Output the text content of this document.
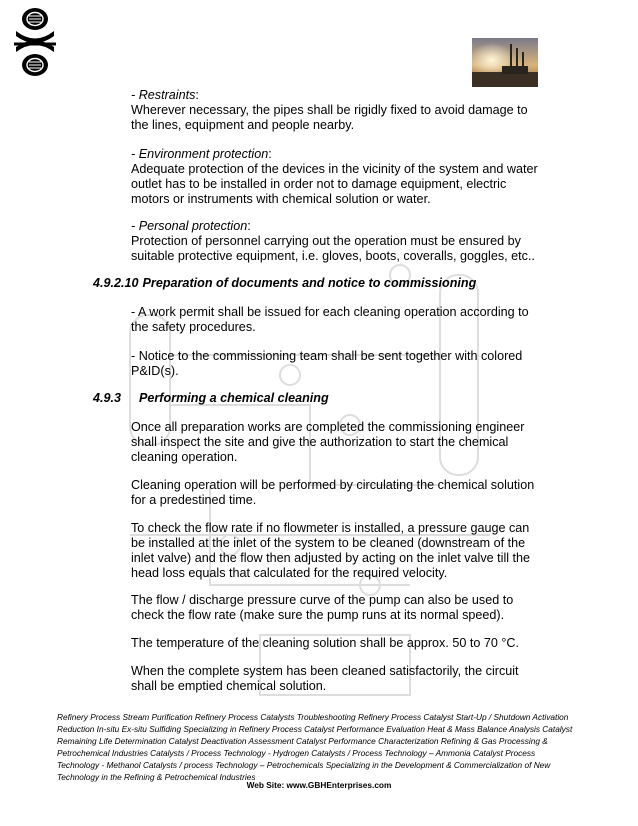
- Restraints:
Wherever necessary, the pipes shall be rigidly fixed to avoid damage to the lines, equipment and people nearby.
- Environment protection:
Adequate protection of the devices in the vicinity of the system and water outlet has to be installed in order not to damage equipment, electric motors or instruments with chemical solution or water.
- Personal protection:
Protection of personnel carrying out the operation must be ensured by suitable protective equipment, i.e. gloves, boots, coveralls, goggles, etc..
4.9.2.10 Preparation of documents and notice to commissioning
- A work permit shall be issued for each cleaning operation according to the safety procedures.
- Notice to the commissioning team shall be sent together with colored P&ID(s).
4.9.3 Performing a chemical cleaning
Once all preparation works are completed the commissioning engineer shall inspect the site and give the authorization to start the chemical cleaning operation.
Cleaning operation will be performed by circulating the chemical solution for a predestined time.
To check the flow rate if no flowmeter is installed, a pressure gauge can be installed at the inlet of the system to be cleaned (downstream of the inlet valve) and the flow then adjusted by acting on the inlet valve till the head loss equals that calculated for the required velocity.
The flow / discharge pressure curve of the pump can also be used to check the flow rate (make sure the pump runs at its normal speed).
The temperature of the cleaning solution shall be approx. 50 to 70 °C.
When the complete system has been cleaned satisfactorily, the circuit shall be emptied chemical solution.
Refinery Process Stream Purification Refinery Process Catalysts Troubleshooting Refinery Process Catalyst Start-Up / Shutdown Activation Reduction In-situ Ex-situ Sulfiding Specializing in Refinery Process Catalyst Performance Evaluation Heat & Mass Balance Analysis Catalyst Remaining Life Determination Catalyst Deactivation Assessment Catalyst Performance Characterization Refining & Gas Processing & Petrochemical Industries Catalysts / Process Technology - Hydrogen Catalysts / Process Technology – Ammonia Catalyst Process Technology - Methanol Catalysts / process Technology – Petrochemicals Specializing in the Development & Commercialization of New Technology in the Refining & Petrochemical Industries
Web Site: www.GBHEnterprises.com
